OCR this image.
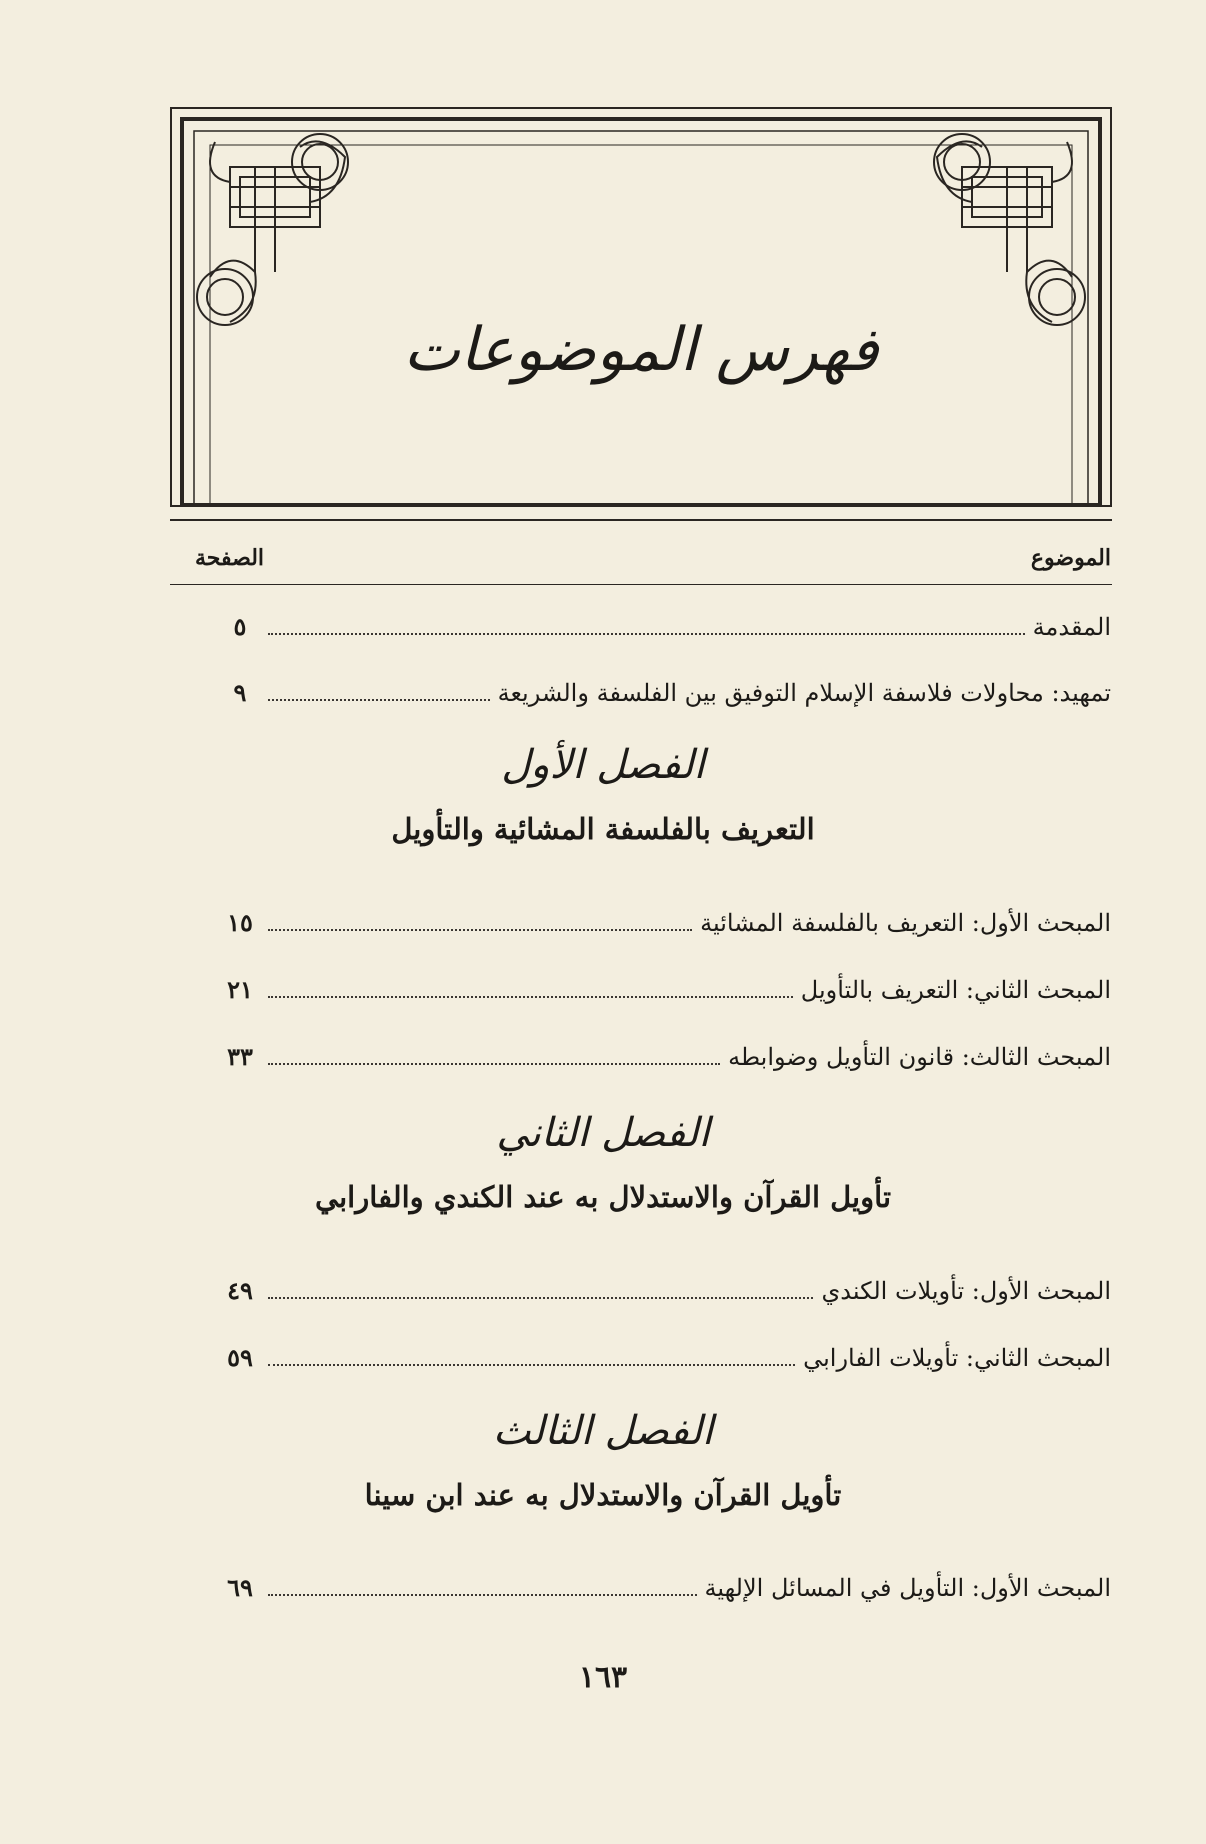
فهرس الموضوعات
الموضوع
الصفحة
المقدمة
٥
تمهيد: محاولات فلاسفة الإسلام التوفيق بين الفلسفة والشريعة
٩
الفصل الأول
التعريف بالفلسفة المشائية والتأويل
المبحث الأول: التعريف بالفلسفة المشائية
١٥
المبحث الثاني: التعريف بالتأويل
٢١
المبحث الثالث: قانون التأويل وضوابطه
٣٣
الفصل الثاني
تأويل القرآن والاستدلال به عند الكندي والفارابي
المبحث الأول: تأويلات الكندي
٤٩
المبحث الثاني: تأويلات الفارابي
٥٩
الفصل الثالث
تأويل القرآن والاستدلال به عند ابن سينا
المبحث الأول: التأويل في المسائل الإلهية
٦٩
١٦٣
